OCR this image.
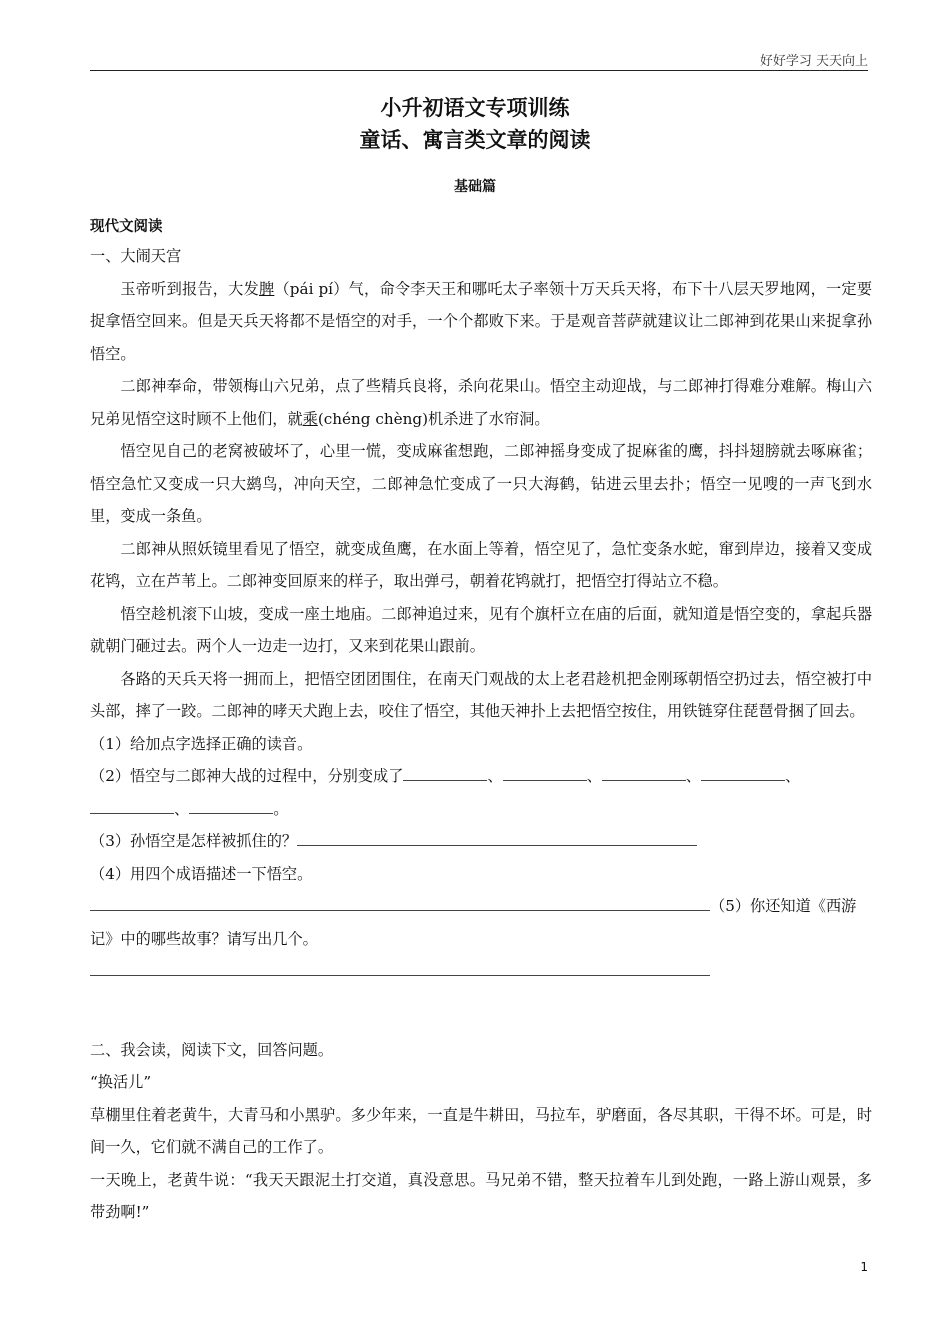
好好学习 天天向上
小升初语文专项训练
童话、寓言类文章的阅读
基础篇

现代文阅读

一、大闹天宫

玉帝听到报告，大发脾（pái pí）气，命令李天王和哪吒太子率领十万天兵天将，布下十八层天罗地网，一定要捉拿悟空回来。但是天兵天将都不是悟空的对手，一个个都败下来。于是观音菩萨就建议让二郎神到花果山来捉拿孙悟空。

二郎神奉命，带领梅山六兄弟，点了些精兵良将，杀向花果山。悟空主动迎战，与二郎神打得难分难解。梅山六兄弟见悟空这时顾不上他们，就乘(chéng chèng)机杀进了水帘洞。

悟空见自己的老窝被破坏了，心里一慌，变成麻雀想跑，二郎神摇身变成了捉麻雀的鹰，抖抖翅膀就去啄麻雀；悟空急忙又变成一只大鹚鸟，冲向天空，二郎神急忙变成了一只大海鹤，钻进云里去扑；悟空一见嗖的一声飞到水里，变成一条鱼。

二郎神从照妖镜里看见了悟空，就变成鱼鹰，在水面上等着，悟空见了，急忙变条水蛇，窜到岸边，接着又变成花鸨，立在芦苇上。二郎神变回原来的样子，取出弹弓，朝着花鸨就打，把悟空打得站立不稳。

悟空趁机滚下山坡，变成一座土地庙。二郎神追过来，见有个旗杆立在庙的后面，就知道是悟空变的，拿起兵器就朝门砸过去。两个人一边走一边打，又来到花果山跟前。

各路的天兵天将一拥而上，把悟空团团围住，在南天门观战的太上老君趁机把金刚琢朝悟空扔过去，悟空被打中头部，摔了一跤。二郎神的哮天犬跑上去，咬住了悟空，其他天神扑上去把悟空按住，用铁链穿住琵琶骨捆了回去。

（1）给加点字选择正确的读音。

（2）悟空与二郎神大战的过程中，分别变成了	、	、	、	、
、	。

（3）孙悟空是怎样被抓住的？

（4）用四个成语描述一下悟空。

（5）你还知道《西游记》中的哪些故事？请写出几个。

二、我会读，阅读下文，回答问题。

“换活儿”

草棚里住着老黄牛，大青马和小黑驴。多少年来，一直是牛耕田，马拉车，驴磨面，各尽其职，干得不坏。可是，时间一久，它们就不满自己的工作了。

一天晚上，老黄牛说：“我天天跟泥土打交道，真没意思。马兄弟不错，整天拉着车儿到处跑，一路上游山观景，多带劲啊!”

1
